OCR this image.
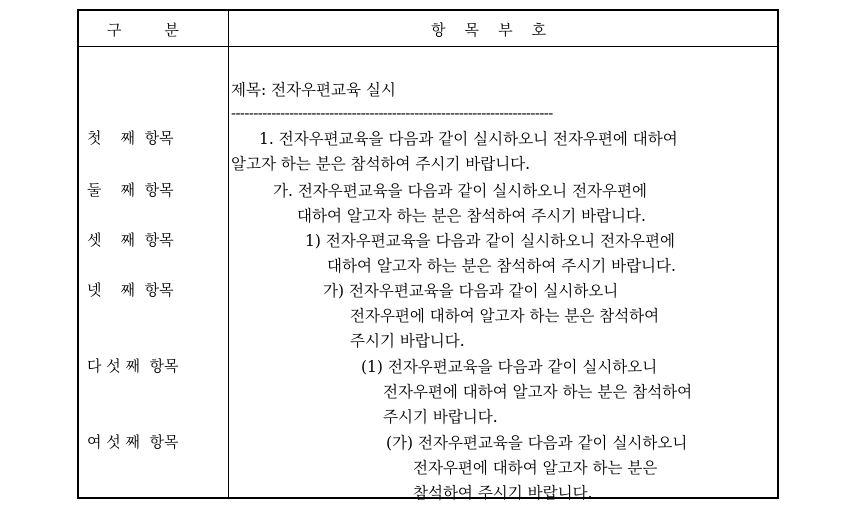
구         분	항    목    부    호
제목: 전자우편교육 실시
------------------------------------------------------------------------
첫    째  항목	1. 전자우편교육을 다음과 같이 실시하오니 전자우편에 대하여
알고자 하는 분은 참석하여 주시기 바랍니다.
둘    째  항목	가. 전자우편교육을 다음과 같이 실시하오니 전자우편에
대하여 알고자 하는 분은 참석하여 주시기 바랍니다.
셋    째  항목	1) 전자우편교육을 다음과 같이 실시하오니 전자우편에
대하여 알고자 하는 분은 참석하여 주시기 바랍니다.
넷    째  항목	가) 전자우편교육을 다음과 같이 실시하오니
전자우편에 대하여 알고자 하는 분은 참석하여
주시기 바랍니다.
다 섯 째  항목	(1) 전자우편교육을 다음과 같이 실시하오니
전자우편에 대하여 알고자 하는 분은 참석하여
주시기 바랍니다.
여 섯 째  항목	(가) 전자우편교육을 다음과 같이 실시하오니
전자우편에 대하여 알고자 하는 분은
참석하여 주시기 바랍니다.
